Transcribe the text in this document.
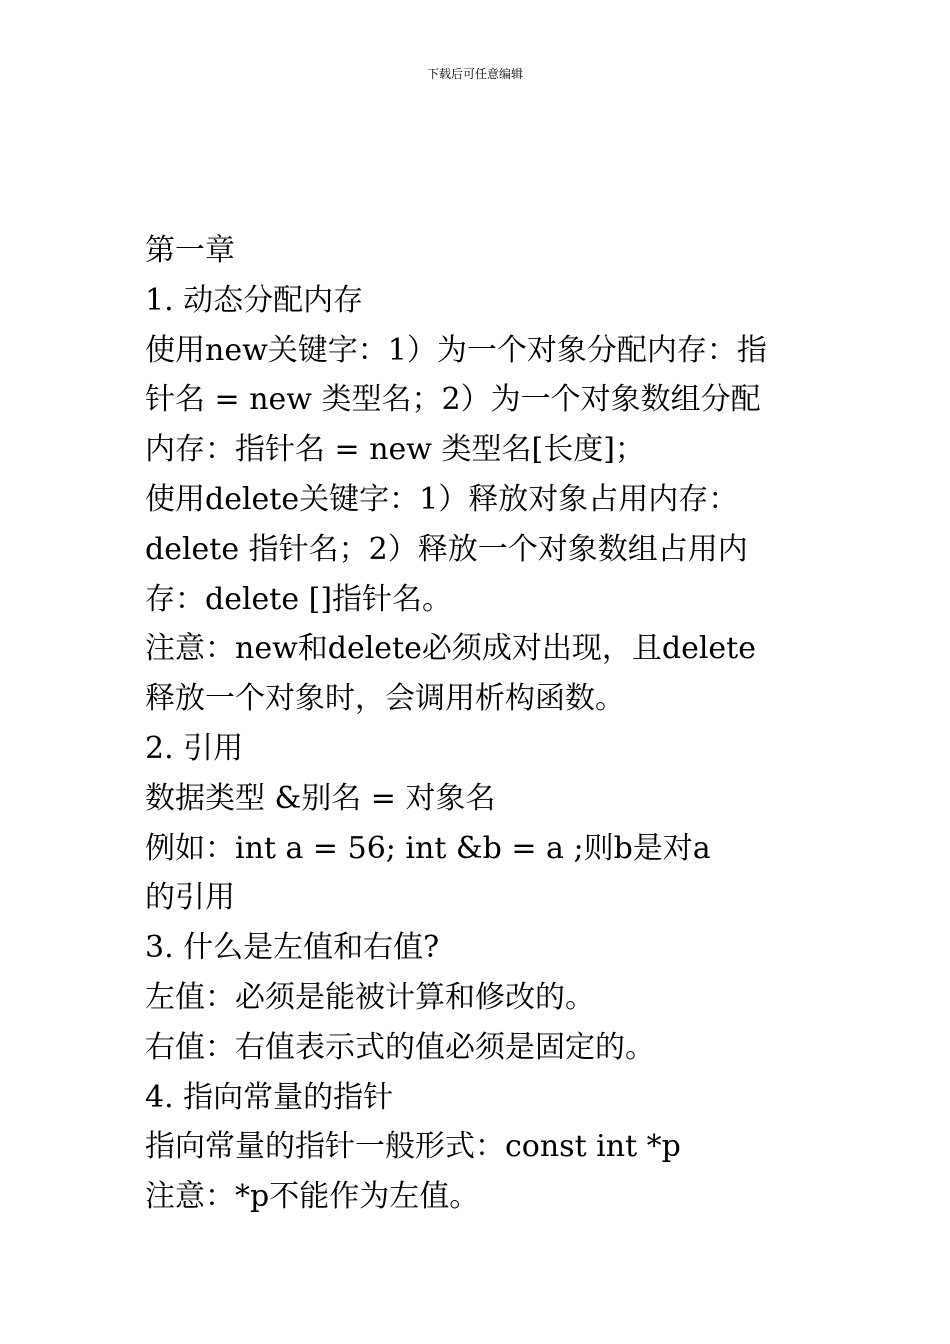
下载后可任意编辑
第一章
1. 动态分配内存
使用new关键字：1）为一个对象分配内存：指
针名 = new 类型名；2）为一个对象数组分配
内存：指针名 = new 类型名[长度]；
使用delete关键字：1）释放对象占用内存：
delete 指针名；2）释放一个对象数组占用内
存：delete []指针名。
注意：new和delete必须成对出现，且delete
释放一个对象时，会调用析构函数。
2. 引用
数据类型 &别名 = 对象名
例如：int a = 56; int &b = a ;则b是对a
的引用
3. 什么是左值和右值?
左值：必须是能被计算和修改的。
右值：右值表示式的值必须是固定的。
4. 指向常量的指针
指向常量的指针一般形式：const int *p
注意：*p不能作为左值。
